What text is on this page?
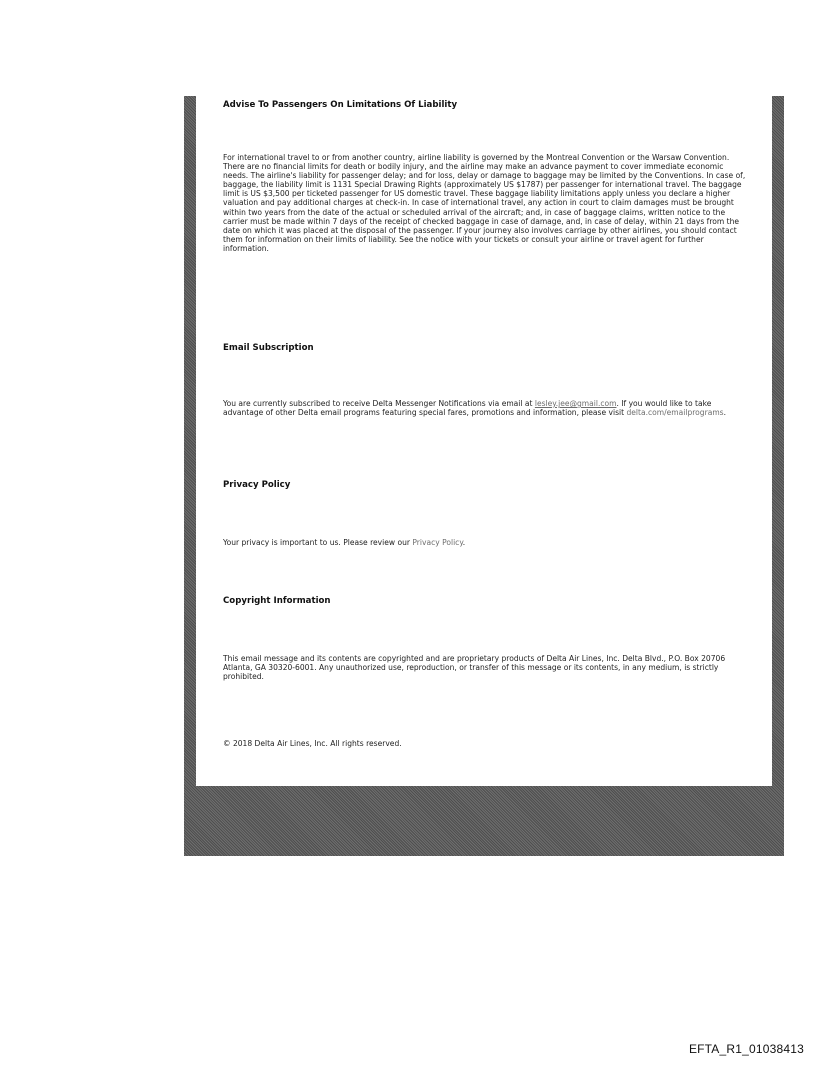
Advise To Passengers On Limitations Of Liability

For international travel to or from another country, airline liability is governed by the Montreal Convention or the Warsaw Convention. There are no financial limits for death or bodily injury, and the airline may make an advance payment to cover immediate economic needs. The airline's liability for passenger delay; and for loss, delay or damage to baggage may be limited by the Conventions. In case of, baggage, the liability limit is 1131 Special Drawing Rights (approximately US $1787) per passenger for international travel. The baggage limit is US $3,500 per ticketed passenger for US domestic travel. These baggage liability limitations apply unless you declare a higher valuation and pay additional charges at check-in. In case of international travel, any action in court to claim damages must be brought within two years from the date of the actual or scheduled arrival of the aircraft; and, in case of baggage claims, written notice to the carrier must be made within 7 days of the receipt of checked baggage in case of damage, and, in case of delay, within 21 days from the date on which it was placed at the disposal of the passenger. If your journey also involves carriage by other airlines, you should contact them for information on their limits of liability. See the notice with your tickets or consult your airline or travel agent for further information.

Email Subscription

You are currently subscribed to receive Delta Messenger Notifications via email at lesley.jee@gmail.com. If you would like to take advantage of other Delta email programs featuring special fares, promotions and information, please visit delta.com/emailprograms.

Privacy Policy

Your privacy is important to us. Please review our Privacy Policy.

Copyright Information

This email message and its contents are copyrighted and are proprietary products of Delta Air Lines, Inc. Delta Blvd., P.O. Box 20706 Atlanta, GA 30320-6001. Any unauthorized use, reproduction, or transfer of this message or its contents, in any medium, is strictly prohibited.

© 2018 Delta Air Lines, Inc. All rights reserved.

EFTA_R1_01038413
